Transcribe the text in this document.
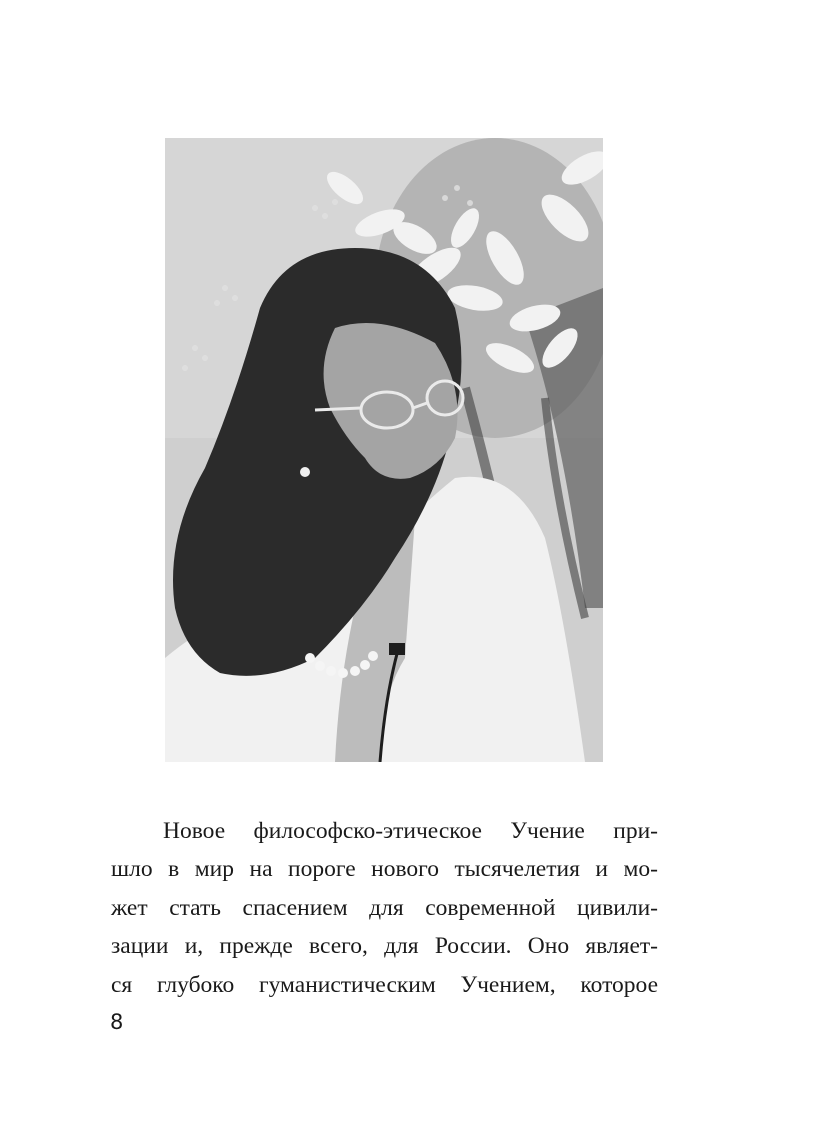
Новое философско-этическое Учение при-
шло в мир на пороге нового тысячелетия и мо-
жет стать спасением для современной цивили-
зации и, прежде всего, для России. Оно являет-
ся глубоко гуманистическим Учением, которое
8
